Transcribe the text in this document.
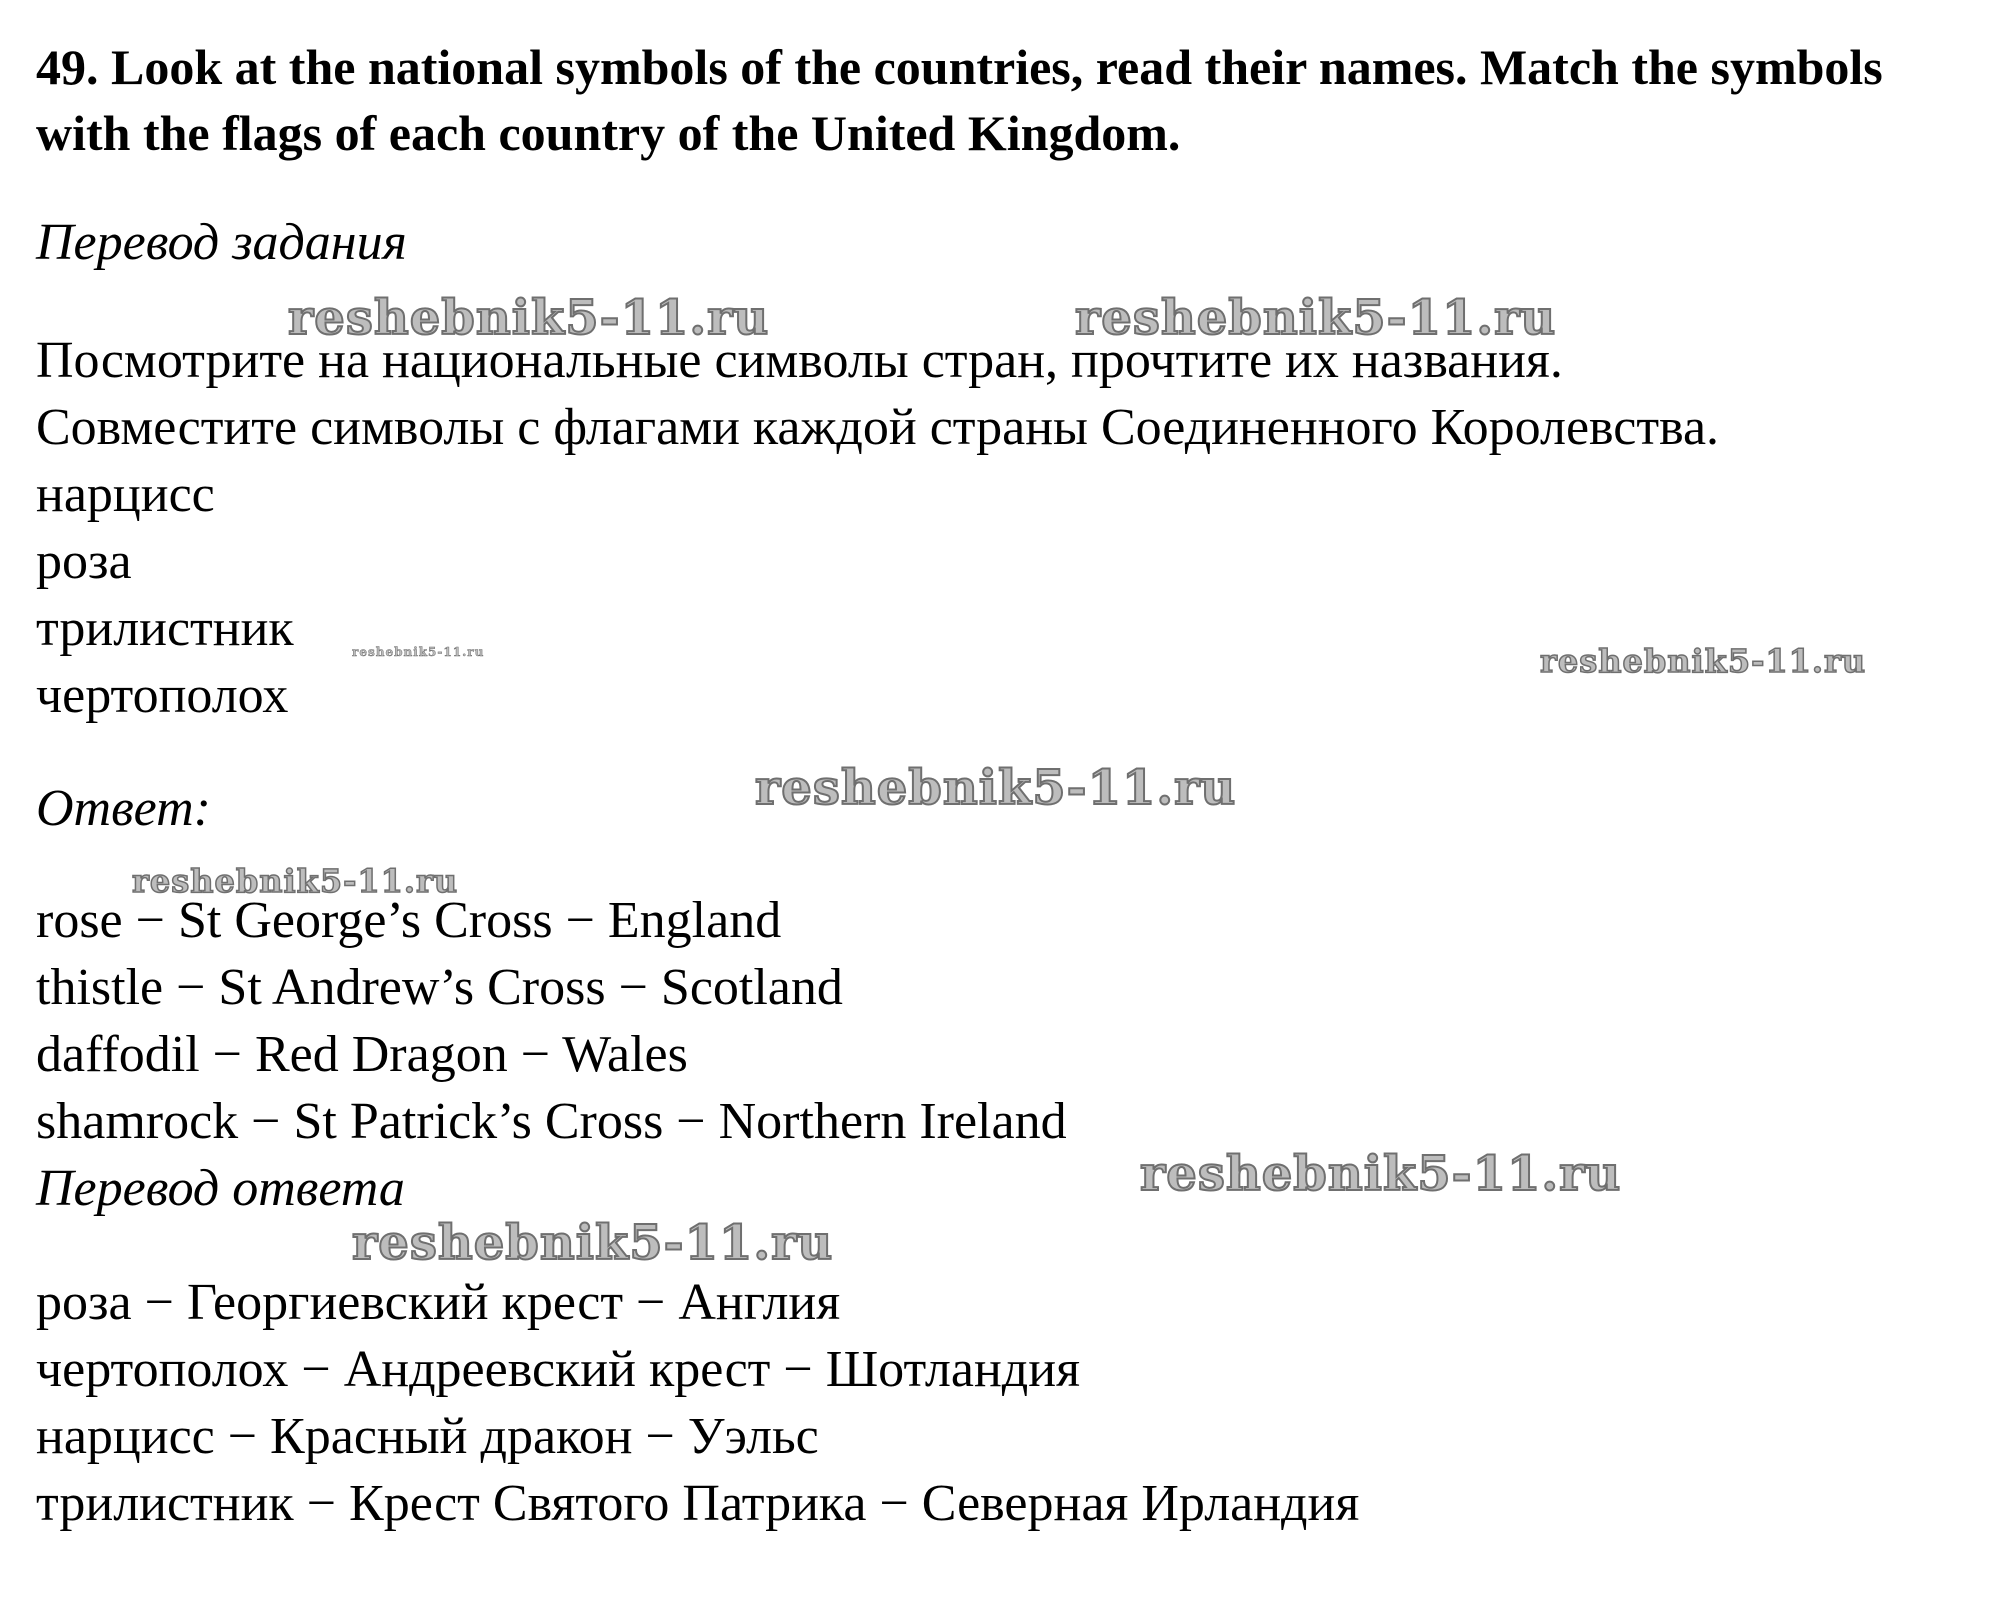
49. Look at the national symbols of the countries, read their names. Match the symbols with the flags of each country of the United Kingdom.

Перевод задания

Посмотрите на национальные символы стран, прочтите их названия.

Совместите символы с флагами каждой страны Соединенного Королевства.

нарцисс

роза

трилистник

чертополох

Ответ:

rose − St George’s Cross − England

thistle − St Andrew’s Cross − Scotland

daffodil − Red Dragon − Wales

shamrock − St Patrick’s Cross − Northern Ireland

Перевод ответа

роза − Георгиевский крест − Англия

чертополох − Андреевский крест − Шотландия

нарцисс − Красный дракон − Уэльс

трилистник − Крест Святого Патрика − Северная Ирландия

reshebnik5-11.ru	reshebnik5-11.ru
reshebnik5-11.ru	reshebnik5-11.ru
reshebnik5-11.ru
reshebnik5-11.ru
reshebnik5-11.ru
reshebnik5-11.ru
